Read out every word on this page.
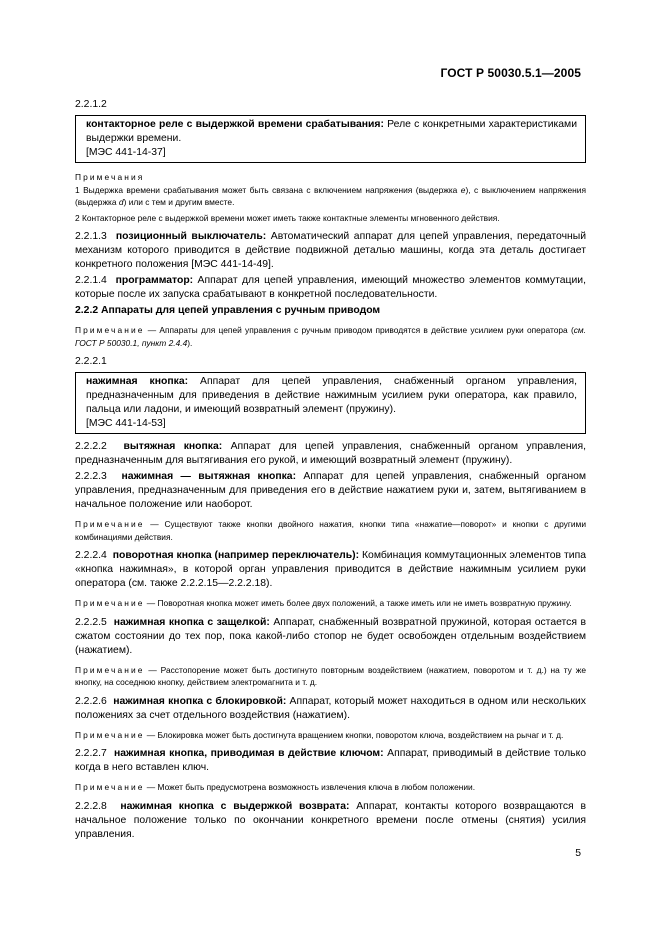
ГОСТ Р 50030.5.1—2005

2.2.1.2

контакторное реле с выдержкой времени срабатывания: Реле с конкретными характеристиками выдержки времени.

[МЭС 441-14-37]

Примечания

1 Выдержка времени срабатывания может быть связана с включением напряжения (выдержка e), с выключением напряжения (выдержка d) или с тем и другим вместе.

2 Контакторное реле с выдержкой времени может иметь также контактные элементы мгновенного действия.

2.2.1.3 позиционный выключатель: Автоматический аппарат для цепей управления, передаточный механизм которого приводится в действие подвижной деталью машины, когда эта деталь достигает конкретного положения [МЭС 441-14-49].

2.2.1.4 программатор: Аппарат для цепей управления, имеющий множество элементов коммутации, которые после их запуска срабатывают в конкретной последовательности.

2.2.2 Аппараты для цепей управления с ручным приводом

Примечание — Аппараты для цепей управления с ручным приводом приводятся в действие усилием руки оператора (см. ГОСТ Р 50030.1, пункт 2.4.4).

2.2.2.1

нажимная кнопка: Аппарат для цепей управления, снабженный органом управления, предназначенным для приведения в действие нажимным усилием руки оператора, как правило, пальца или ладони, и имеющий возвратный элемент (пружину).

[МЭС 441-14-53]

2.2.2.2 вытяжная кнопка: Аппарат для цепей управления, снабженный органом управления, предназначенным для вытягивания его рукой, и имеющий возвратный элемент (пружину).

2.2.2.3 нажимная — вытяжная кнопка: Аппарат для цепей управления, снабженный органом управления, предназначенным для приведения его в действие нажатием руки и, затем, вытягиванием в начальное положение или наоборот.

Примечание — Существуют также кнопки двойного нажатия, кнопки типа «нажатие—поворот» и кнопки с другими комбинациями действия.

2.2.2.4 поворотная кнопка (например переключатель): Комбинация коммутационных элементов типа «кнопка нажимная», в которой орган управления приводится в действие нажимным усилием руки оператора (см. также 2.2.2.15—2.2.2.18).

Примечание — Поворотная кнопка может иметь более двух положений, а также иметь или не иметь возвратную пружину.

2.2.2.5 нажимная кнопка с защелкой: Аппарат, снабженный возвратной пружиной, которая остается в сжатом состоянии до тех пор, пока какой-либо стопор не будет освобожден отдельным воздействием (нажатием).

Примечание — Расстопорение может быть достигнуто повторным воздействием (нажатием, поворотом и т. д.) на ту же кнопку, на соседнюю кнопку, действием электромагнита и т. д.

2.2.2.6 нажимная кнопка с блокировкой: Аппарат, который может находиться в одном или нескольких положениях за счет отдельного воздействия (нажатием).

Примечание — Блокировка может быть достигнута вращением кнопки, поворотом ключа, воздействием на рычаг и т. д.

2.2.2.7 нажимная кнопка, приводимая в действие ключом: Аппарат, приводимый в действие только когда в него вставлен ключ.

Примечание — Может быть предусмотрена возможность извлечения ключа в любом положении.

2.2.2.8 нажимная кнопка с выдержкой возврата: Аппарат, контакты которого возвращаются в начальное положение только по окончании конкретного времени после отмены (снятия) усилия управления.

5
